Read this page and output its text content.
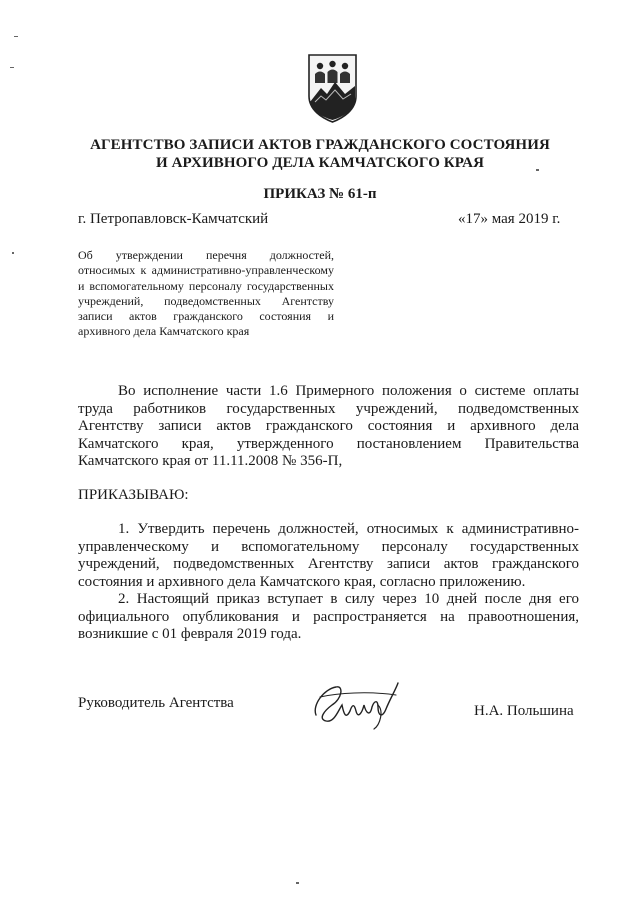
АГЕНТСТВО ЗАПИСИ АКТОВ ГРАЖДАНСКОГО СОСТОЯНИЯ
И АРХИВНОГО ДЕЛА КАМЧАТСКОГО КРАЯ
ПРИКАЗ № 61-п
г. Петропавловск-Камчатский	«17» мая 2019 г.
Об утверждении перечня должностей, относимых к административно-управленческому и вспомогательному персоналу государственных учреждений, подведомственных Агентству записи актов гражданского состояния и архивного дела Камчатского края
Во исполнение части 1.6 Примерного положения о системе оплаты труда работников государственных учреждений, подведомственных Агентству записи актов гражданского состояния и архивного дела Камчатского края, утвержденного постановлением Правительства Камчатского края от 11.11.2008 № 356-П,
ПРИКАЗЫВАЮ:
1. Утвердить перечень должностей, относимых к административно-управленческому и вспомогательному персоналу государственных учреждений, подведомственных Агентству записи актов гражданского состояния и архивного дела Камчатского края, согласно приложению.
2. Настоящий приказ вступает в силу через 10 дней после дня его официального опубликования и распространяется на правоотношения, возникшие с 01 февраля 2019 года.
Руководитель Агентства	Н.А. Польшина
